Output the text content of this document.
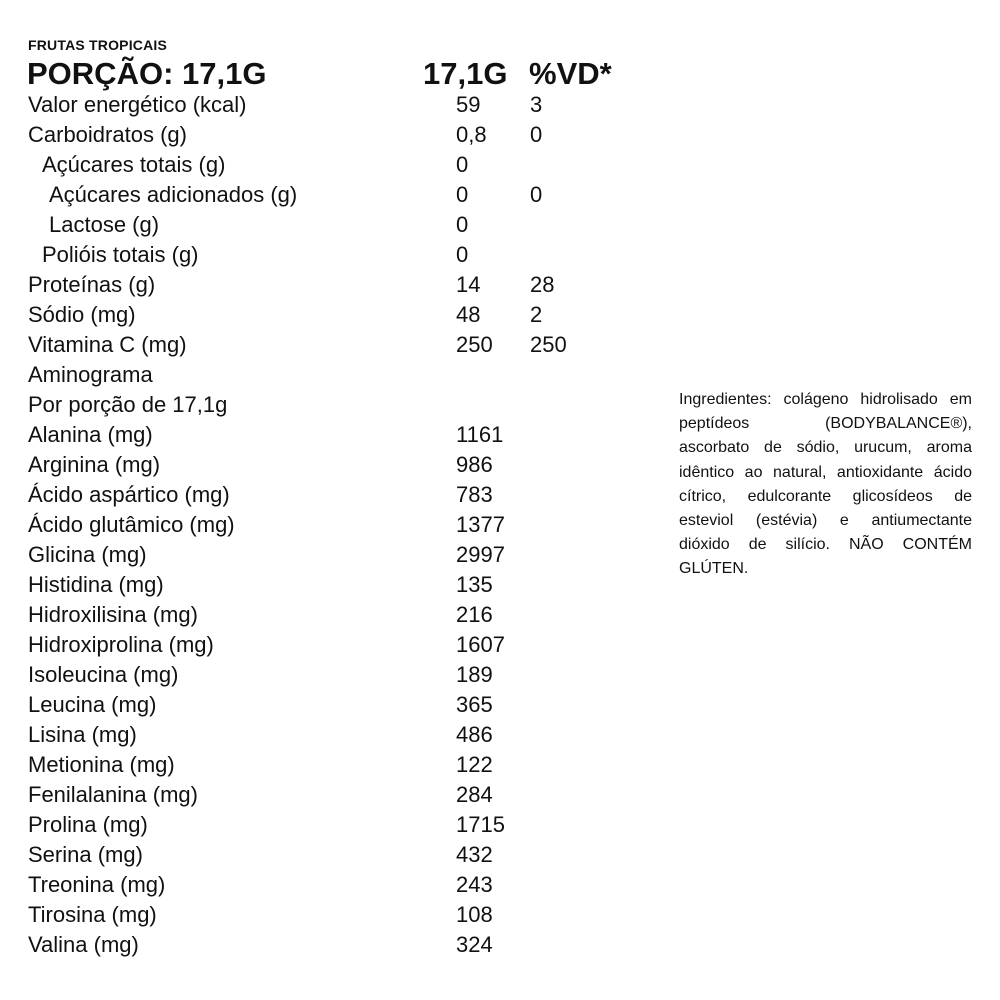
FRUTAS TROPICAIS
PORÇÃO: 17,1G	17,1G %VD*
Valor energético (kcal)	59 3
Carboidratos (g)	0,8 0
Açúcares totais (g)	0
Açúcares adicionados (g)	0	0
Lactose (g)	0
Polióis totais (g)	0
Proteínas (g)	14 28
Sódio (mg)	48 2
Vitamina C (mg)	250 250
Aminograma
Por porção de 17,1g
Alanina (mg)	1161
Arginina (mg)	986
Ácido aspártico (mg)	783
Ácido glutâmico (mg)	1377
Glicina (mg)	2997
Histidina (mg)	135
Hidroxilisina (mg)	216
Hidroxiprolina (mg)	1607
Isoleucina (mg)	189
Leucina (mg)	365
Lisina (mg)	486
Metionina (mg)	122
Fenilalanina (mg)	284
Prolina (mg)	1715
Serina (mg)	432
Treonina (mg)	243
Tirosina (mg)	108
Valina (mg)	324
Ingredientes: colágeno hidrolisado em peptídeos (BODYBALANCE®), ascorbato de sódio, urucum, aroma idêntico ao natural, antioxidante ácido cítrico, edulcorante glicosídeos de esteviol (estévia) e antiumectante dióxido de silício. NÃO CONTÉM GLÚTEN.
